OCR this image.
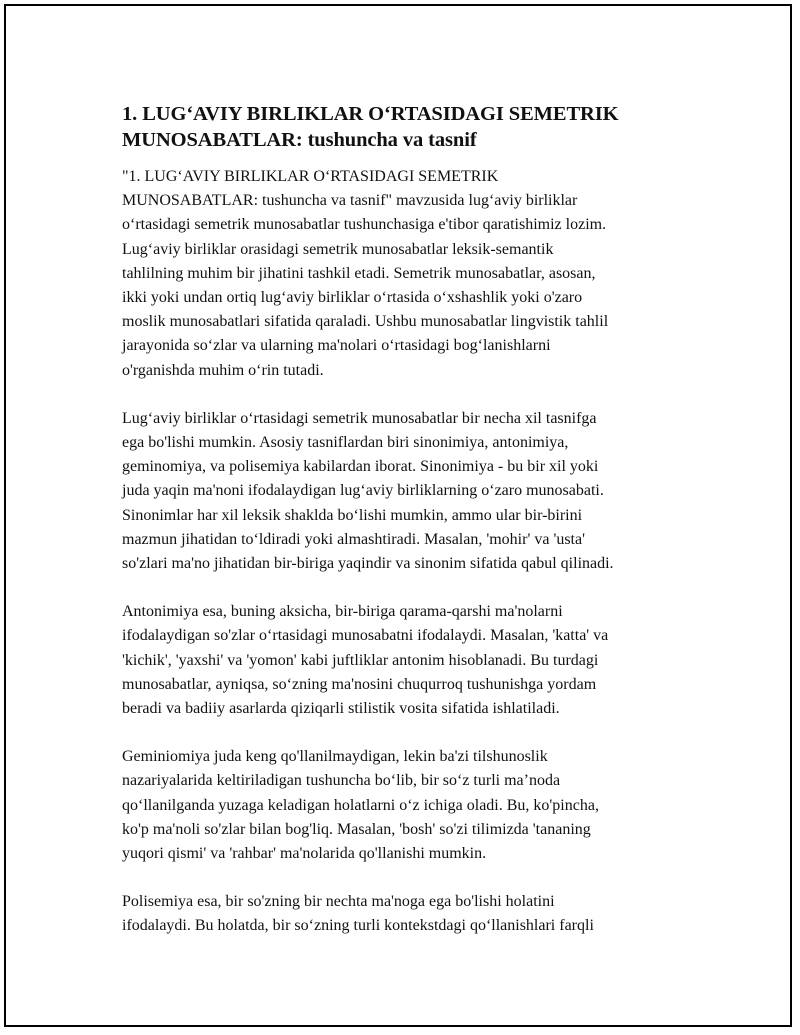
1. LUG‘AVIY BIRLIKLAR O‘RTASIDAGI SEMETRIK MUNOSABATLAR: tushuncha va tasnif

"1. LUG‘AVIY BIRLIKLAR O‘RTASIDAGI SEMETRIK
MUNOSABATLAR: tushuncha va tasnif" mavzusida lug‘aviy birliklar
o‘rtasidagi semetrik munosabatlar tushunchasiga e'tibor qaratishimiz lozim.
Lug‘aviy birliklar orasidagi semetrik munosabatlar leksik-semantik
tahlilning muhim bir jihatini tashkil etadi. Semetrik munosabatlar, asosan,
ikki yoki undan ortiq lug‘aviy birliklar o‘rtasida o‘xshashlik yoki o'zaro
moslik munosabatlari sifatida qaraladi. Ushbu munosabatlar lingvistik tahlil
jarayonida so‘zlar va ularning ma'nolari o‘rtasidagi bog‘lanishlarni
o'rganishda muhim o‘rin tutadi.

Lug‘aviy birliklar o‘rtasidagi semetrik munosabatlar bir necha xil tasnifga
ega bo'lishi mumkin. Asosiy tasniflardan biri sinonimiya, antonimiya,
geminomiya, va polisemiya kabilardan iborat. Sinonimiya - bu bir xil yoki
juda yaqin ma'noni ifodalaydigan lug‘aviy birliklarning o‘zaro munosabati.
Sinonimlar har xil leksik shaklda bo‘lishi mumkin, ammo ular bir-birini
mazmun jihatidan to‘ldiradi yoki almashtiradi. Masalan, 'mohir' va 'usta'
so'zlari ma'no jihatidan bir-biriga yaqindir va sinonim sifatida qabul qilinadi.

Antonimiya esa, buning aksicha, bir-biriga qarama-qarshi ma'nolarni
ifodalaydigan so'zlar o‘rtasidagi munosabatni ifodalaydi. Masalan, 'katta' va
'kichik', 'yaxshi' va 'yomon' kabi juftliklar antonim hisoblanadi. Bu turdagi
munosabatlar, ayniqsa, so‘zning ma'nosini chuqurroq tushunishga yordam
beradi va badiiy asarlarda qiziqarli stilistik vosita sifatida ishlatiladi.

Geminiomiya juda keng qo'llanilmaydigan, lekin ba'zi tilshunoslik
nazariyalarida keltiriladigan tushuncha bo‘lib, bir so‘z turli ma’noda
qo‘llanilganda yuzaga keladigan holatlarni o‘z ichiga oladi. Bu, ko'pincha,
ko'p ma'noli so'zlar bilan bog'liq. Masalan, 'bosh' so'zi tilimizda 'tananing
yuqori qismi' va 'rahbar' ma'nolarida qo'llanishi mumkin.

Polisemiya esa, bir so'zning bir nechta ma'noga ega bo'lishi holatini
ifodalaydi. Bu holatda, bir so‘zning turli kontekstdagi qo‘llanishlari farqli
